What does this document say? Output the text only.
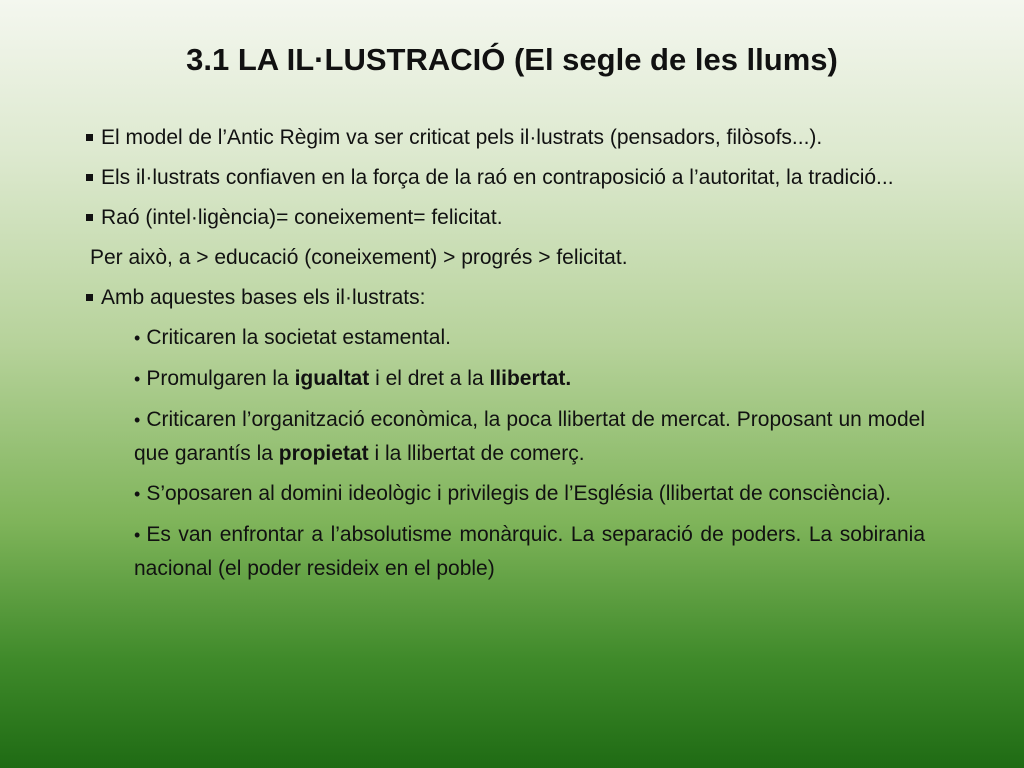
3.1 LA IL·LUSTRACIÓ (El segle de les llums)

El model de l’Antic Règim va ser criticat pels il·lustrats (pensadors, filòsofs...).

Els il·lustrats confiaven en la força de la raó en contraposició a l’autoritat, la tradició...

Raó (intel·ligència)= coneixement= felicitat.

Per això, a > educació (coneixement) > progrés > felicitat.

Amb aquestes bases els il·lustrats:

• Criticaren la societat estamental.

• Promulgaren la igualtat i el dret a la llibertat.

• Criticaren l’organització econòmica, la poca llibertat de mercat. Proposant un model que garantís la propietat i la llibertat de comerç.

• S’oposaren al domini ideològic i privilegis de l’Església (llibertat de consciència).

• Es van enfrontar a l’absolutisme monàrquic. La separació de poders. La sobirania nacional (el poder resideix en el poble)
